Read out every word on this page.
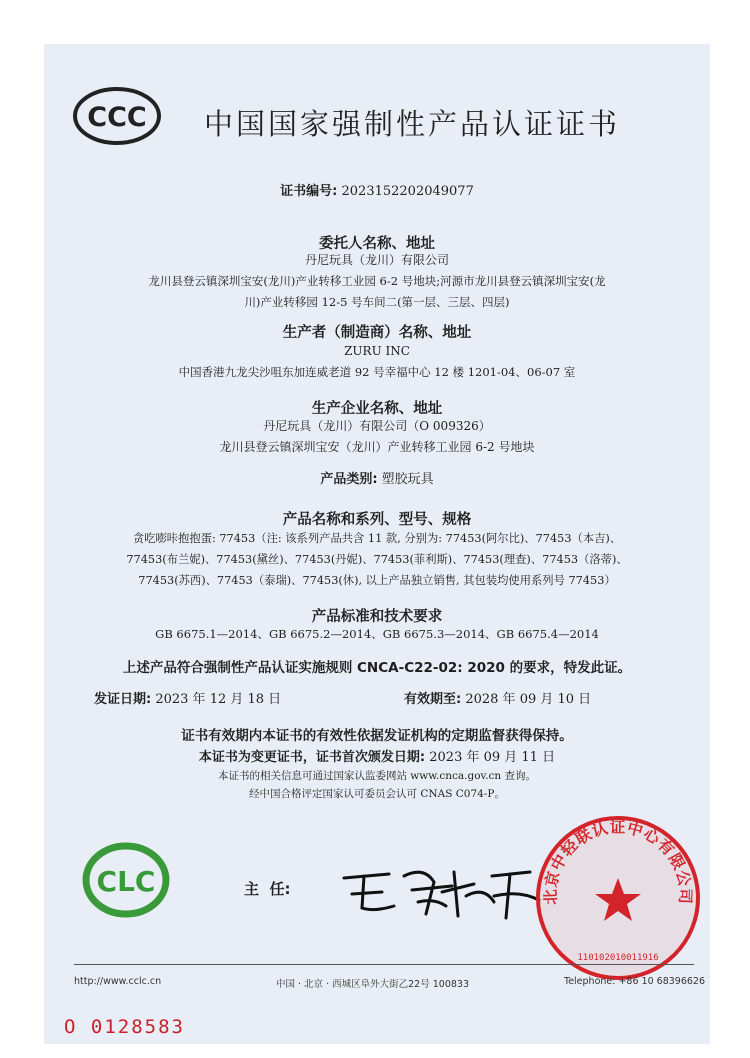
CCC 中国国家强制性产品认证证书
证书编号: 2023152202049077
委托人名称、地址
丹尼玩具（龙川）有限公司
龙川县登云镇深圳宝安(龙川)产业转移工业园 6-2 号地块;河源市龙川县登云镇深圳宝安(龙
川)产业转移园 12-5 号车间二(第一层、三层、四层)
生产者（制造商）名称、地址
ZURU INC
中国香港九龙尖沙咀东加连威老道 92 号幸福中心 12 楼 1201-04、06-07 室
生产企业名称、地址
丹尼玩具（龙川）有限公司（O 009326）
龙川县登云镇深圳宝安（龙川）产业转移工业园 6-2 号地块
产品类别: 塑胶玩具
产品名称和系列、型号、规格
贪吃嘭咔抱抱蛋: 77453（注: 该系列产品共含 11 款, 分别为: 77453(阿尔比)、77453（本吉)、
77453(布兰妮)、77453(黛丝)、77453(丹妮)、77453(菲利斯)、77453(理查)、77453（洛蒂)、
77453(苏西)、77453（泰瑞)、77453(休), 以上产品独立销售, 其包装均使用系列号 77453）
产品标准和技术要求
GB 6675.1—2014、GB 6675.2—2014、GB 6675.3—2014、GB 6675.4—2014
上述产品符合强制性产品认证实施规则 CNCA-C22-02: 2020 的要求，特发此证。
发证日期: 2023 年 12 月 18 日	有效期至: 2028 年 09 月 10 日
证书有效期内本证书的有效性依据发证机构的定期监督获得保持。
本证书为变更证书，证书首次颁发日期: 2023 年 09 月 11 日
本证书的相关信息可通过国家认监委网站 www.cnca.gov.cn 查询。
经中国合格评定国家认可委员会认可 CNAS C074-P。
CLC	主  任:	北京中轻联认证中心有限公司
110102010011916
http://www.cclc.cn	中国 · 北京 · 西城区阜外大街乙22号 100833	Telephone: +86 10 68396626
O 0128583
